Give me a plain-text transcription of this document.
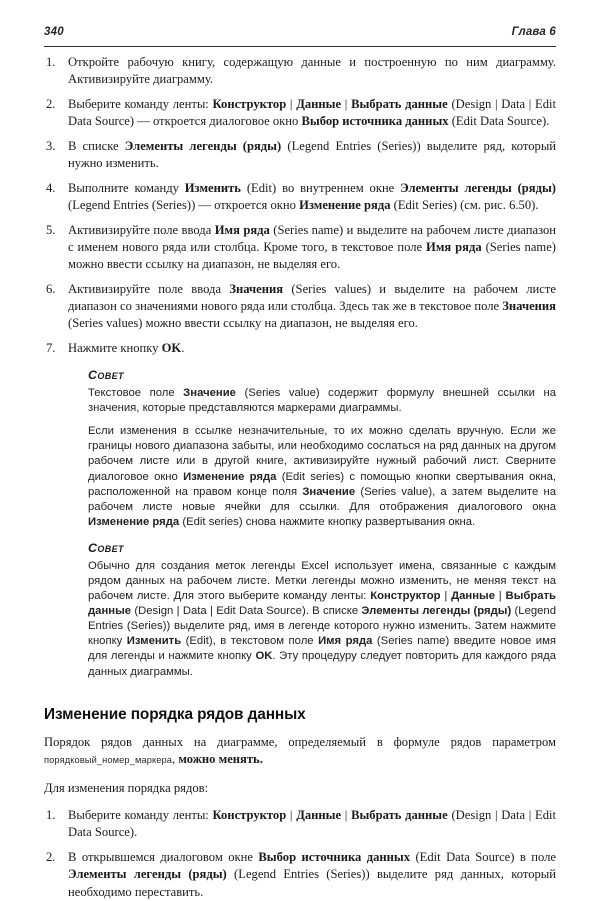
340	Глава 6
1. Откройте рабочую книгу, содержащую данные и построенную по ним диаграмму. Активизируйте диаграмму.
2. Выберите команду ленты: Конструктор | Данные | Выбрать данные (Design | Data | Edit Data Source) — откроется диалоговое окно Выбор источника данных (Edit Data Source).
3. В списке Элементы легенды (ряды) (Legend Entries (Series)) выделите ряд, который нужно изменить.
4. Выполните команду Изменить (Edit) во внутреннем окне Элементы легенды (ряды) (Legend Entries (Series)) — откроется окно Изменение ряда (Edit Series) (см. рис. 6.50).
5. Активизируйте поле ввода Имя ряда (Series name) и выделите на рабочем листе диапазон с именем нового ряда или столбца. Кроме того, в текстовое поле Имя ряда (Series name) можно ввести ссылку на диапазон, не выделяя его.
6. Активизируйте поле ввода Значения (Series values) и выделите на рабочем листе диапазон со значениями нового ряда или столбца. Здесь так же в текстовое поле Значения (Series values) можно ввести ссылку на диапазон, не выделяя его.
7. Нажмите кнопку OK.
Совет

Текстовое поле Значение (Series value) содержит формулу внешней ссылки на значения, которые представляются маркерами диаграммы.

Если изменения в ссылке незначительные, то их можно сделать вручную. Если же границы нового диапазона забыты, или необходимо сослаться на ряд данных на другом рабочем листе или в другой книге, активизируйте нужный рабочий лист. Сверните диалоговое окно Изменение ряда (Edit series) с помощью кнопки свертывания окна, расположенной на правом конце поля Значение (Series value), а затем выделите на рабочем листе новые ячейки для ссылки. Для отображения диалогового окна Изменение ряда (Edit series) снова нажмите кнопку развертывания окна.

Совет

Обычно для создания меток легенды Excel использует имена, связанные с каждым рядом данных на рабочем листе. Метки легенды можно изменить, не меняя текст на рабочем листе. Для этого выберите команду ленты: Конструктор | Данные | Выбрать данные (Design | Data | Edit Data Source). В списке Элементы легенды (ряды) (Legend Entries (Series)) выделите ряд, имя в легенде которого нужно изменить. Затем нажмите кнопку Изменить (Edit), в текстовом поле Имя ряда (Series name) введите новое имя для легенды и нажмите кнопку OK. Эту процедуру следует повторить для каждого ряда данных диаграммы.

Изменение порядка рядов данных

Порядок рядов данных на диаграмме, определяемый в формуле рядов параметром порядковый_номер_маркера, можно менять.

Для изменения порядка рядов:

1. Выберите команду ленты: Конструктор | Данные | Выбрать данные (Design | Data | Edit Data Source).
2. В открывшемся диалоговом окне Выбор источника данных (Edit Data Source) в поле Элементы легенды (ряды) (Legend Entries (Series)) выделите ряд данных, который необходимо переставить.
